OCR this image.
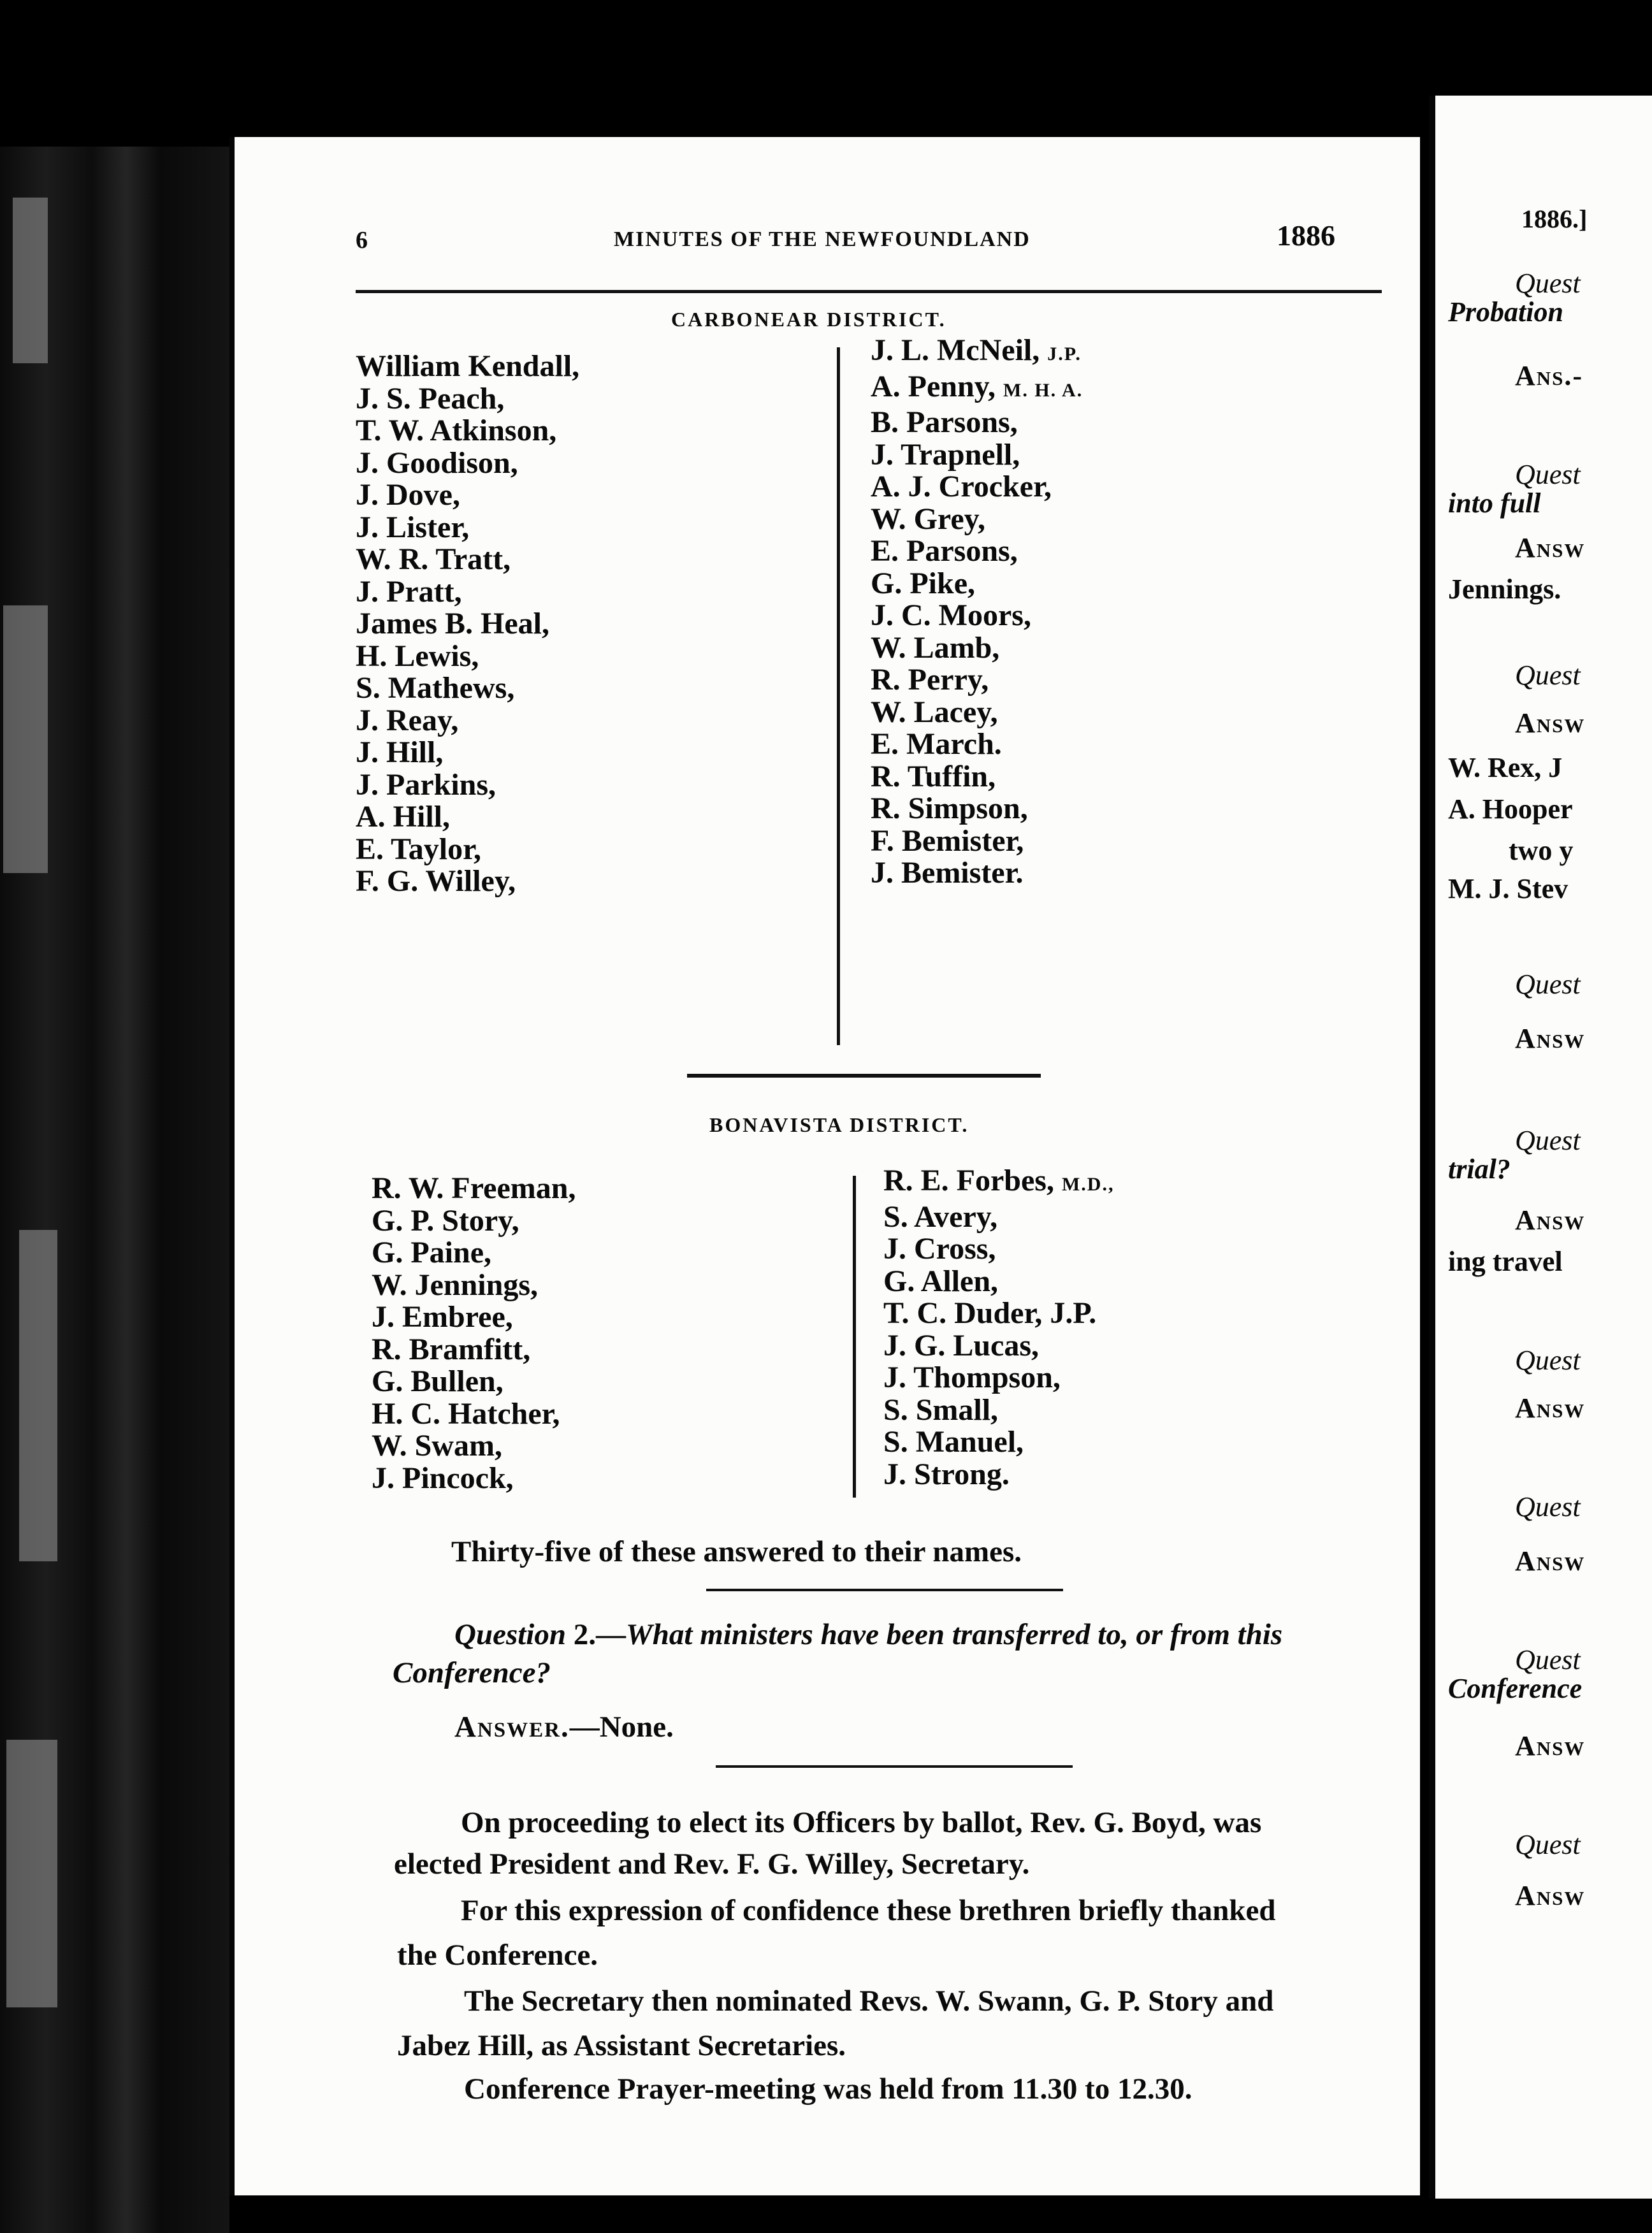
6	MINUTES OF THE NEWFOUNDLAND	1886
CARBONEAR DISTRICT.
William Kendall,
J. S. Peach,
T. W. Atkinson,
J. Goodison,
J. Dove,
J. Lister,
W. R. Tratt,
J. Pratt,
James B. Heal,
H. Lewis,
S. Mathews,
J. Reay,
J. Hill,
J. Parkins,
A. Hill,
E. Taylor,
F. G. Willey,
J. L. McNeil, J.P.
A. Penny, M. H. A.
B. Parsons,
J. Trapnell,
A. J. Crocker,
W. Grey,
E. Parsons,
G. Pike,
J. C. Moors,
W. Lamb,
R. Perry,
W. Lacey,
E. March.
R. Tuffin,
R. Simpson,
F. Bemister,
J. Bemister.
BONAVISTA DISTRICT.
R. W. Freeman,
G. P. Story,
G. Paine,
W. Jennings,
J. Embree,
R. Bramfitt,
G. Bullen,
H. C. Hatcher,
W. Swam,
J. Pincock,
R. E. Forbes, M.D.,
S. Avery,
J. Cross,
G. Allen,
T. C. Duder, J.P.
J. G. Lucas,
J. Thompson,
S. Small,
S. Manuel,
J. Strong.
Thirty-five of these answered to their names.
Question 2.—What ministers have been transferred to, or from this
Conference?
Answer.—None.
On proceeding to elect its Officers by ballot, Rev. G. Boyd, was
elected President and Rev. F. G. Willey, Secretary.
For this expression of confidence these brethren briefly thanked
the Conference.
The Secretary then nominated Revs. W. Swann, G. P. Story and
Jabez Hill, as Assistant Secretaries.
Conference Prayer-meeting was held from 11.30 to 12.30.
1886.]
Quest
Probation
Ans.-
Quest
into full
Answ
Jennings.
Quest
Answ
W. Rex, J
A. Hooper
two y
M. J. Stev
Quest
Answ
Quest
trial?
Answ
ing travel
Quest
Answ
Quest
Answ
Quest
Conference
Answ
Quest
Answ
